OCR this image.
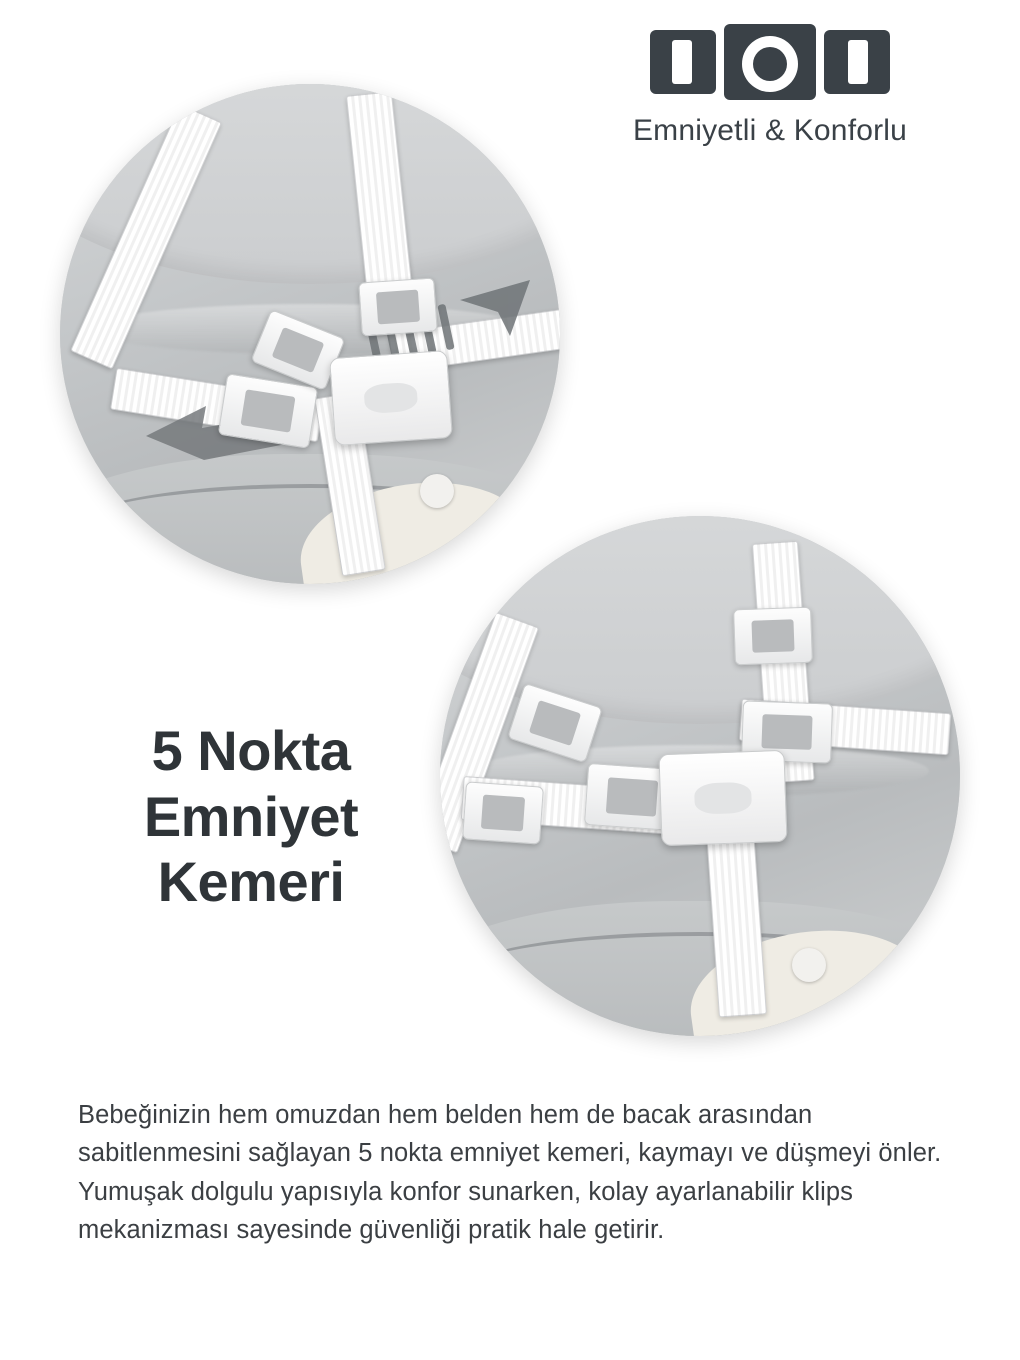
Emniyetli & Konforlu
5 Nokta
Emniyet
Kemeri
Bebeğinizin hem omuzdan hem belden hem de bacak arasından sabitlenmesini sağlayan 5 nokta emniyet kemeri, kaymayı ve düşmeyi önler. Yumuşak dolgulu yapısıyla konfor sunarken, kolay ayarlanabilir klips mekanizması sayesinde güvenliği pratik hale getirir.
